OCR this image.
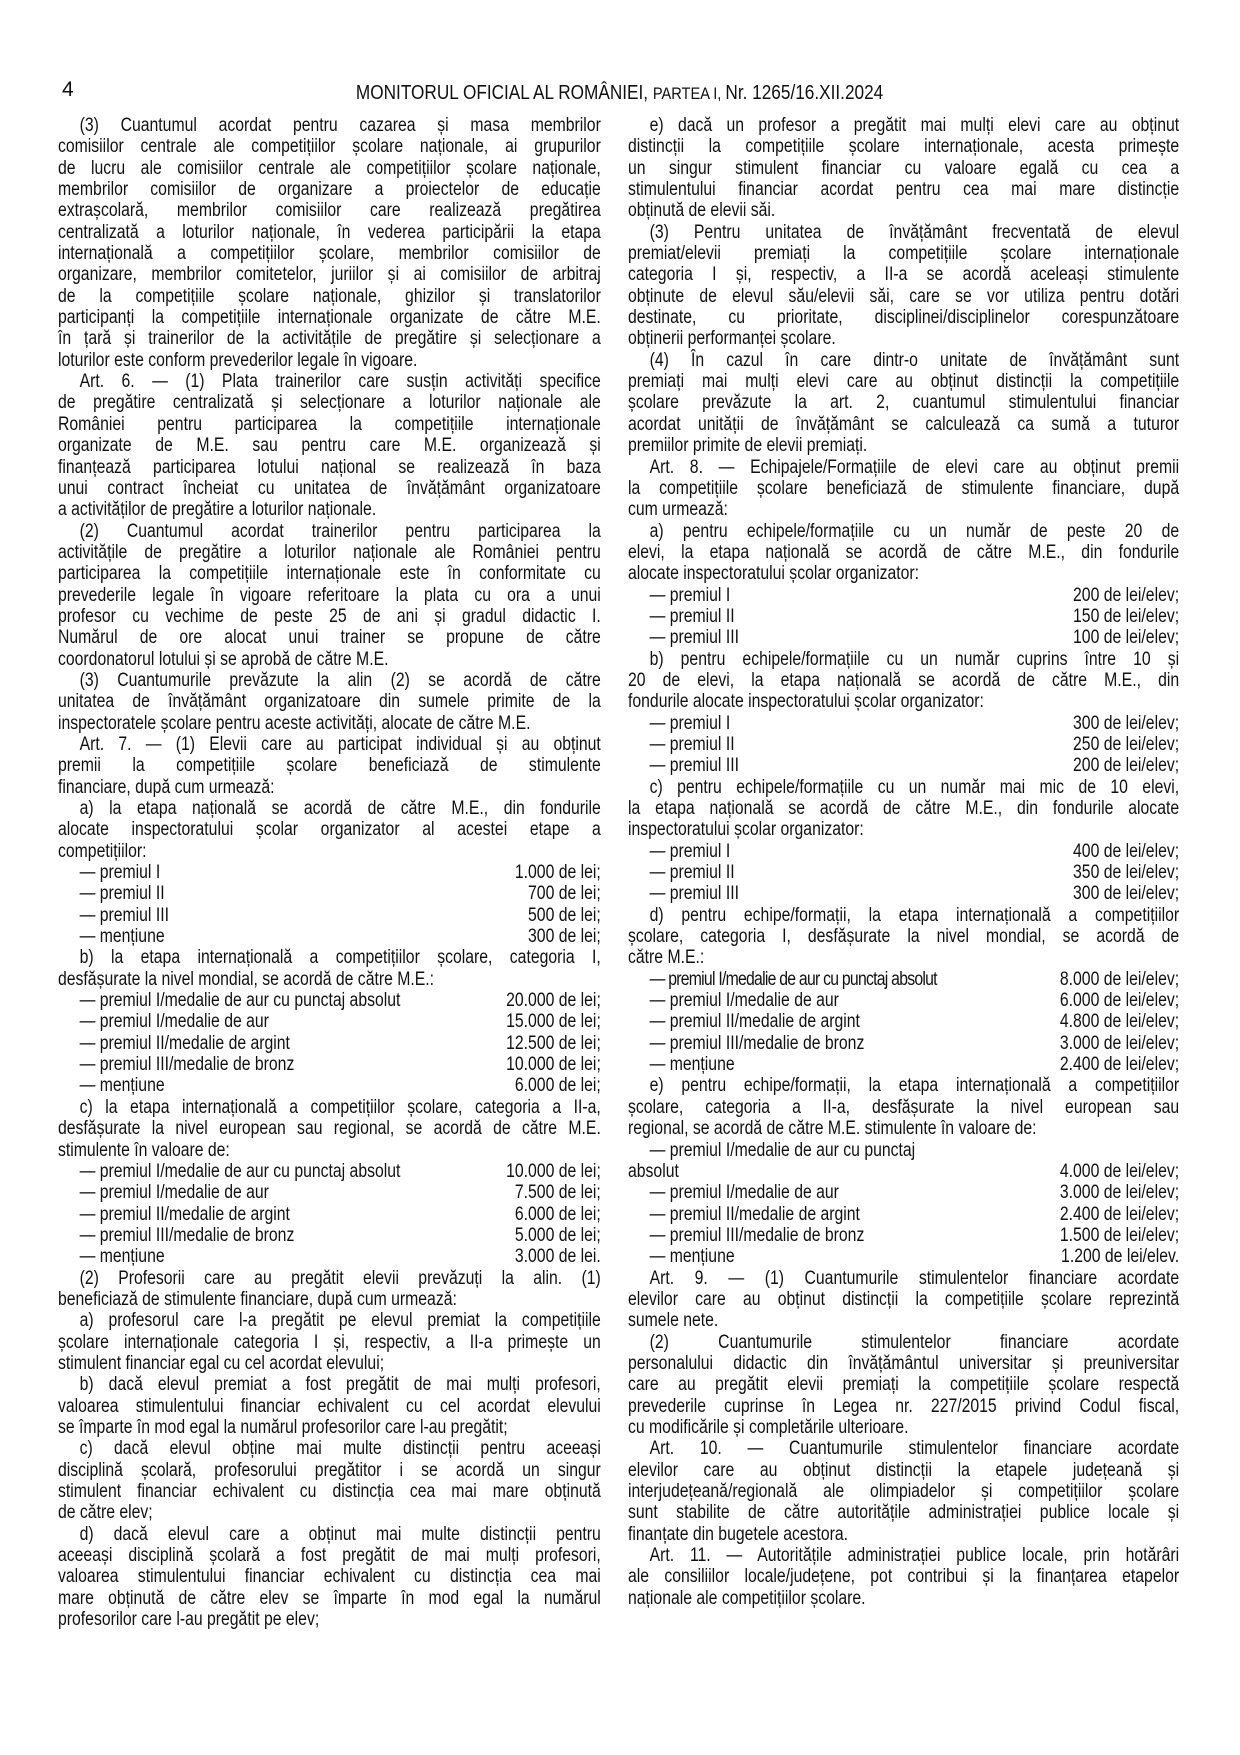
4	MONITORUL OFICIAL AL ROMÂNIEI, PARTEA I, Nr. 1265/16.XII.2024
(3) Cuantumul acordat pentru cazarea și masa membrilor
comisiilor centrale ale competițiilor școlare naționale, ai grupurilor
de lucru ale comisiilor centrale ale competițiilor școlare naționale,
membrilor comisiilor de organizare a proiectelor de educație
extrașcolară, membrilor comisiilor care realizează pregătirea
centralizată a loturilor naționale, în vederea participării la etapa
internațională a competițiilor școlare, membrilor comisiilor de
organizare, membrilor comitetelor, juriilor și ai comisiilor de arbitraj
de la competițiile școlare naționale, ghizilor și translatorilor
participanți la competițiile internaționale organizate de către M.E.
în țară și trainerilor de la activitățile de pregătire și selecționare a
loturilor este conform prevederilor legale în vigoare.
Art. 6. — (1) Plata trainerilor care susțin activități specifice
de pregătire centralizată și selecționare a loturilor naționale ale
României pentru participarea la competițiile internaționale
organizate de M.E. sau pentru care M.E. organizează și
finanțează participarea lotului național se realizează în baza
unui contract încheiat cu unitatea de învățământ organizatoare
a activităților de pregătire a loturilor naționale.
(2) Cuantumul acordat trainerilor pentru participarea la
activitățile de pregătire a loturilor naționale ale României pentru
participarea la competițiile internaționale este în conformitate cu
prevederile legale în vigoare referitoare la plata cu ora a unui
profesor cu vechime de peste 25 de ani și gradul didactic I.
Numărul de ore alocat unui trainer se propune de către
coordonatorul lotului și se aprobă de către M.E.
(3) Cuantumurile prevăzute la alin (2) se acordă de către
unitatea de învățământ organizatoare din sumele primite de la
inspectoratele școlare pentru aceste activități, alocate de către M.E.
Art. 7. — (1) Elevii care au participat individual și au obținut
premii la competițiile școlare beneficiază de stimulente
financiare, după cum urmează:
a) la etapa națională se acordă de către M.E., din fondurile
alocate inspectoratului școlar organizator al acestei etape a
competițiilor:
— premiul I	1.000 de lei;
— premiul II	700 de lei;
— premiul III	500 de lei;
— mențiune	300 de lei;
b) la etapa internațională a competițiilor școlare, categoria I,
desfășurate la nivel mondial, se acordă de către M.E.:
— premiul I/medalie de aur cu punctaj absolut	20.000 de lei;
— premiul I/medalie de aur	15.000 de lei;
— premiul II/medalie de argint	12.500 de lei;
— premiul III/medalie de bronz	10.000 de lei;
— mențiune	6.000 de lei;
c) la etapa internațională a competițiilor școlare, categoria a II-a,
desfășurate la nivel european sau regional, se acordă de către M.E.
stimulente în valoare de:
— premiul I/medalie de aur cu punctaj absolut	10.000 de lei;
— premiul I/medalie de aur	7.500 de lei;
— premiul II/medalie de argint	6.000 de lei;
— premiul III/medalie de bronz	5.000 de lei;
— mențiune	3.000 de lei.
(2) Profesorii care au pregătit elevii prevăzuți la alin. (1)
beneficiază de stimulente financiare, după cum urmează:
a) profesorul care l-a pregătit pe elevul premiat la competițiile
școlare internaționale categoria I și, respectiv, a II-a primește un
stimulent financiar egal cu cel acordat elevului;
b) dacă elevul premiat a fost pregătit de mai mulți profesori,
valoarea stimulentului financiar echivalent cu cel acordat elevului
se împarte în mod egal la numărul profesorilor care l-au pregătit;
c) dacă elevul obține mai multe distincții pentru aceeași
disciplină școlară, profesorului pregătitor i se acordă un singur
stimulent financiar echivalent cu distincția cea mai mare obținută
de către elev;
d) dacă elevul care a obținut mai multe distincții pentru
aceeași disciplină școlară a fost pregătit de mai mulți profesori,
valoarea stimulentului financiar echivalent cu distincția cea mai
mare obținută de către elev se împarte în mod egal la numărul
profesorilor care l-au pregătit pe elev;
e) dacă un profesor a pregătit mai mulți elevi care au obținut
distincții la competițiile școlare internaționale, acesta primește
un singur stimulent financiar cu valoare egală cu cea a
stimulentului financiar acordat pentru cea mai mare distincție
obținută de elevii săi.
(3) Pentru unitatea de învățământ frecventată de elevul
premiat/elevii premiați la competițiile școlare internaționale
categoria I și, respectiv, a II-a se acordă aceleași stimulente
obținute de elevul său/elevii săi, care se vor utiliza pentru dotări
destinate, cu prioritate, disciplinei/disciplinelor corespunzătoare
obținerii performanței școlare.
(4) În cazul în care dintr-o unitate de învățământ sunt
premiați mai mulți elevi care au obținut distincții la competițiile
școlare prevăzute la art. 2, cuantumul stimulentului financiar
acordat unității de învățământ se calculează ca sumă a tuturor
premiilor primite de elevii premiați.
Art. 8. — Echipajele/Formațiile de elevi care au obținut premii
la competițiile școlare beneficiază de stimulente financiare, după
cum urmează:
a) pentru echipele/formațiile cu un număr de peste 20 de
elevi, la etapa națională se acordă de către M.E., din fondurile
alocate inspectoratului școlar organizator:
— premiul I	200 de lei/elev;
— premiul II	150 de lei/elev;
— premiul III	100 de lei/elev;
b) pentru echipele/formațiile cu un număr cuprins între 10 și
20 de elevi, la etapa națională se acordă de către M.E., din
fondurile alocate inspectoratului școlar organizator:
— premiul I	300 de lei/elev;
— premiul II	250 de lei/elev;
— premiul III	200 de lei/elev;
c) pentru echipele/formațiile cu un număr mai mic de 10 elevi,
la etapa națională se acordă de către M.E., din fondurile alocate
inspectoratului școlar organizator:
— premiul I	400 de lei/elev;
— premiul II	350 de lei/elev;
— premiul III	300 de lei/elev;
d) pentru echipe/formații, la etapa internațională a competițiilor
școlare, categoria I, desfășurate la nivel mondial, se acordă de
către M.E.:
— premiul I/medalie de aur cu punctaj absolut	8.000 de lei/elev;
— premiul I/medalie de aur	6.000 de lei/elev;
— premiul II/medalie de argint	4.800 de lei/elev;
— premiul III/medalie de bronz	3.000 de lei/elev;
— mențiune	2.400 de lei/elev;
e) pentru echipe/formații, la etapa internațională a competițiilor
școlare, categoria a II-a, desfășurate la nivel european sau
regional, se acordă de către M.E. stimulente în valoare de:
— premiul I/medalie de aur cu punctaj
absolut	4.000 de lei/elev;
— premiul I/medalie de aur	3.000 de lei/elev;
— premiul II/medalie de argint	2.400 de lei/elev;
— premiul III/medalie de bronz	1.500 de lei/elev;
— mențiune	1.200 de lei/elev.
Art. 9. — (1) Cuantumurile stimulentelor financiare acordate
elevilor care au obținut distincții la competițiile școlare reprezintă
sumele nete.
(2) Cuantumurile stimulentelor financiare acordate
personalului didactic din învățământul universitar și preuniversitar
care au pregătit elevii premiați la competițiile școlare respectă
prevederile cuprinse în Legea nr. 227/2015 privind Codul fiscal,
cu modificările și completările ulterioare.
Art. 10. — Cuantumurile stimulentelor financiare acordate
elevilor care au obținut distincții la etapele județeană și
interjudețeană/regională ale olimpiadelor și competițiilor școlare
sunt stabilite de către autoritățile administrației publice locale și
finanțate din bugetele acestora.
Art. 11. — Autoritățile administrației publice locale, prin hotărâri
ale consiliilor locale/județene, pot contribui și la finanțarea etapelor
naționale ale competițiilor școlare.
